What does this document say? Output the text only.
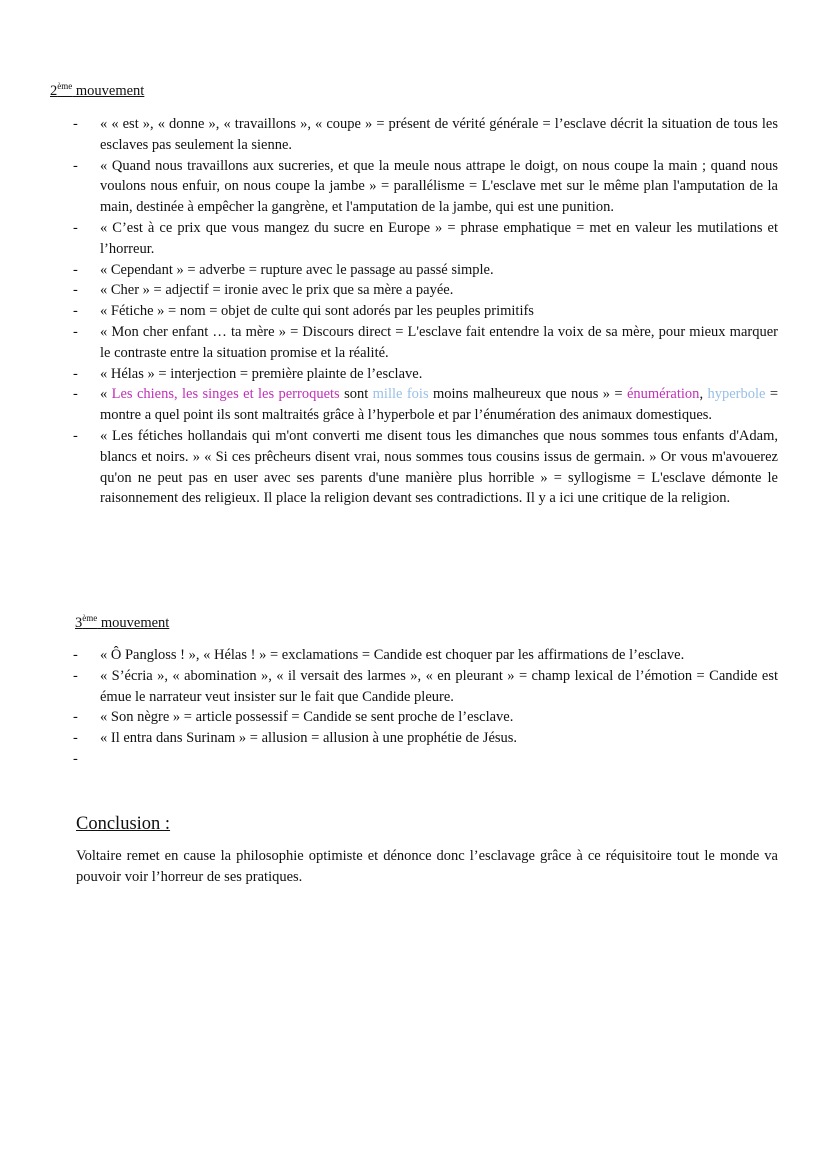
2ème mouvement
- « « est », « donne », « travaillons », « coupe » = présent de vérité générale = l’esclave décrit la situation de tous les esclaves pas seulement la sienne.
- « Quand nous travaillons aux sucreries, et que la meule nous attrape le doigt, on nous coupe la main ; quand nous voulons nous enfuir, on nous coupe la jambe » = parallélisme = L'esclave met sur le même plan l'amputation de la main, destinée à empêcher la gangrène, et l'amputation de la jambe, qui est une punition.
- « C’est à ce prix que vous mangez du sucre en Europe » = phrase emphatique = met en valeur les mutilations et l’horreur.
- « Cependant » = adverbe = rupture avec le passage au passé simple.
- « Cher » = adjectif = ironie avec le prix que sa mère a payée.
- « Fétiche » = nom = objet de culte qui sont adorés par les peuples primitifs
- « Mon cher enfant … ta mère » = Discours direct = L'esclave fait entendre la voix de sa mère, pour mieux marquer le contraste entre la situation promise et la réalité.
- « Hélas » = interjection = première plainte de l’esclave.
- « Les chiens, les singes et les perroquets sont mille fois moins malheureux que nous » = énumération, hyperbole = montre a quel point ils sont maltraités grâce à l’hyperbole et par l’énumération des animaux domestiques.
- « Les fétiches hollandais qui m'ont converti me disent tous les dimanches que nous sommes tous enfants d'Adam, blancs et noirs. » « Si ces prêcheurs disent vrai, nous sommes tous cousins issus de germain. » Or vous m'avouerez qu'on ne peut pas en user avec ses parents d'une manière plus horrible » = syllogisme = L'esclave démonte le raisonnement des religieux. Il place la religion devant ses contradictions. Il y a ici une critique de la religion.
3ème mouvement
- « Ô Pangloss ! », « Hélas ! » = exclamations = Candide est choquer par les affirmations de l’esclave.
- « S’écria », « abomination », « il versait des larmes », « en pleurant » = champ lexical de l’émotion = Candide est émue le narrateur veut insister sur le fait que Candide pleure.
- « Son nègre » = article possessif = Candide se sent proche de l’esclave.
- « Il entra dans Surinam » = allusion = allusion à une prophétie de Jésus.
-

Conclusion :
Voltaire remet en cause la philosophie optimiste et dénonce donc l’esclavage grâce à ce réquisitoire tout le monde va pouvoir voir l’horreur de ses pratiques.
